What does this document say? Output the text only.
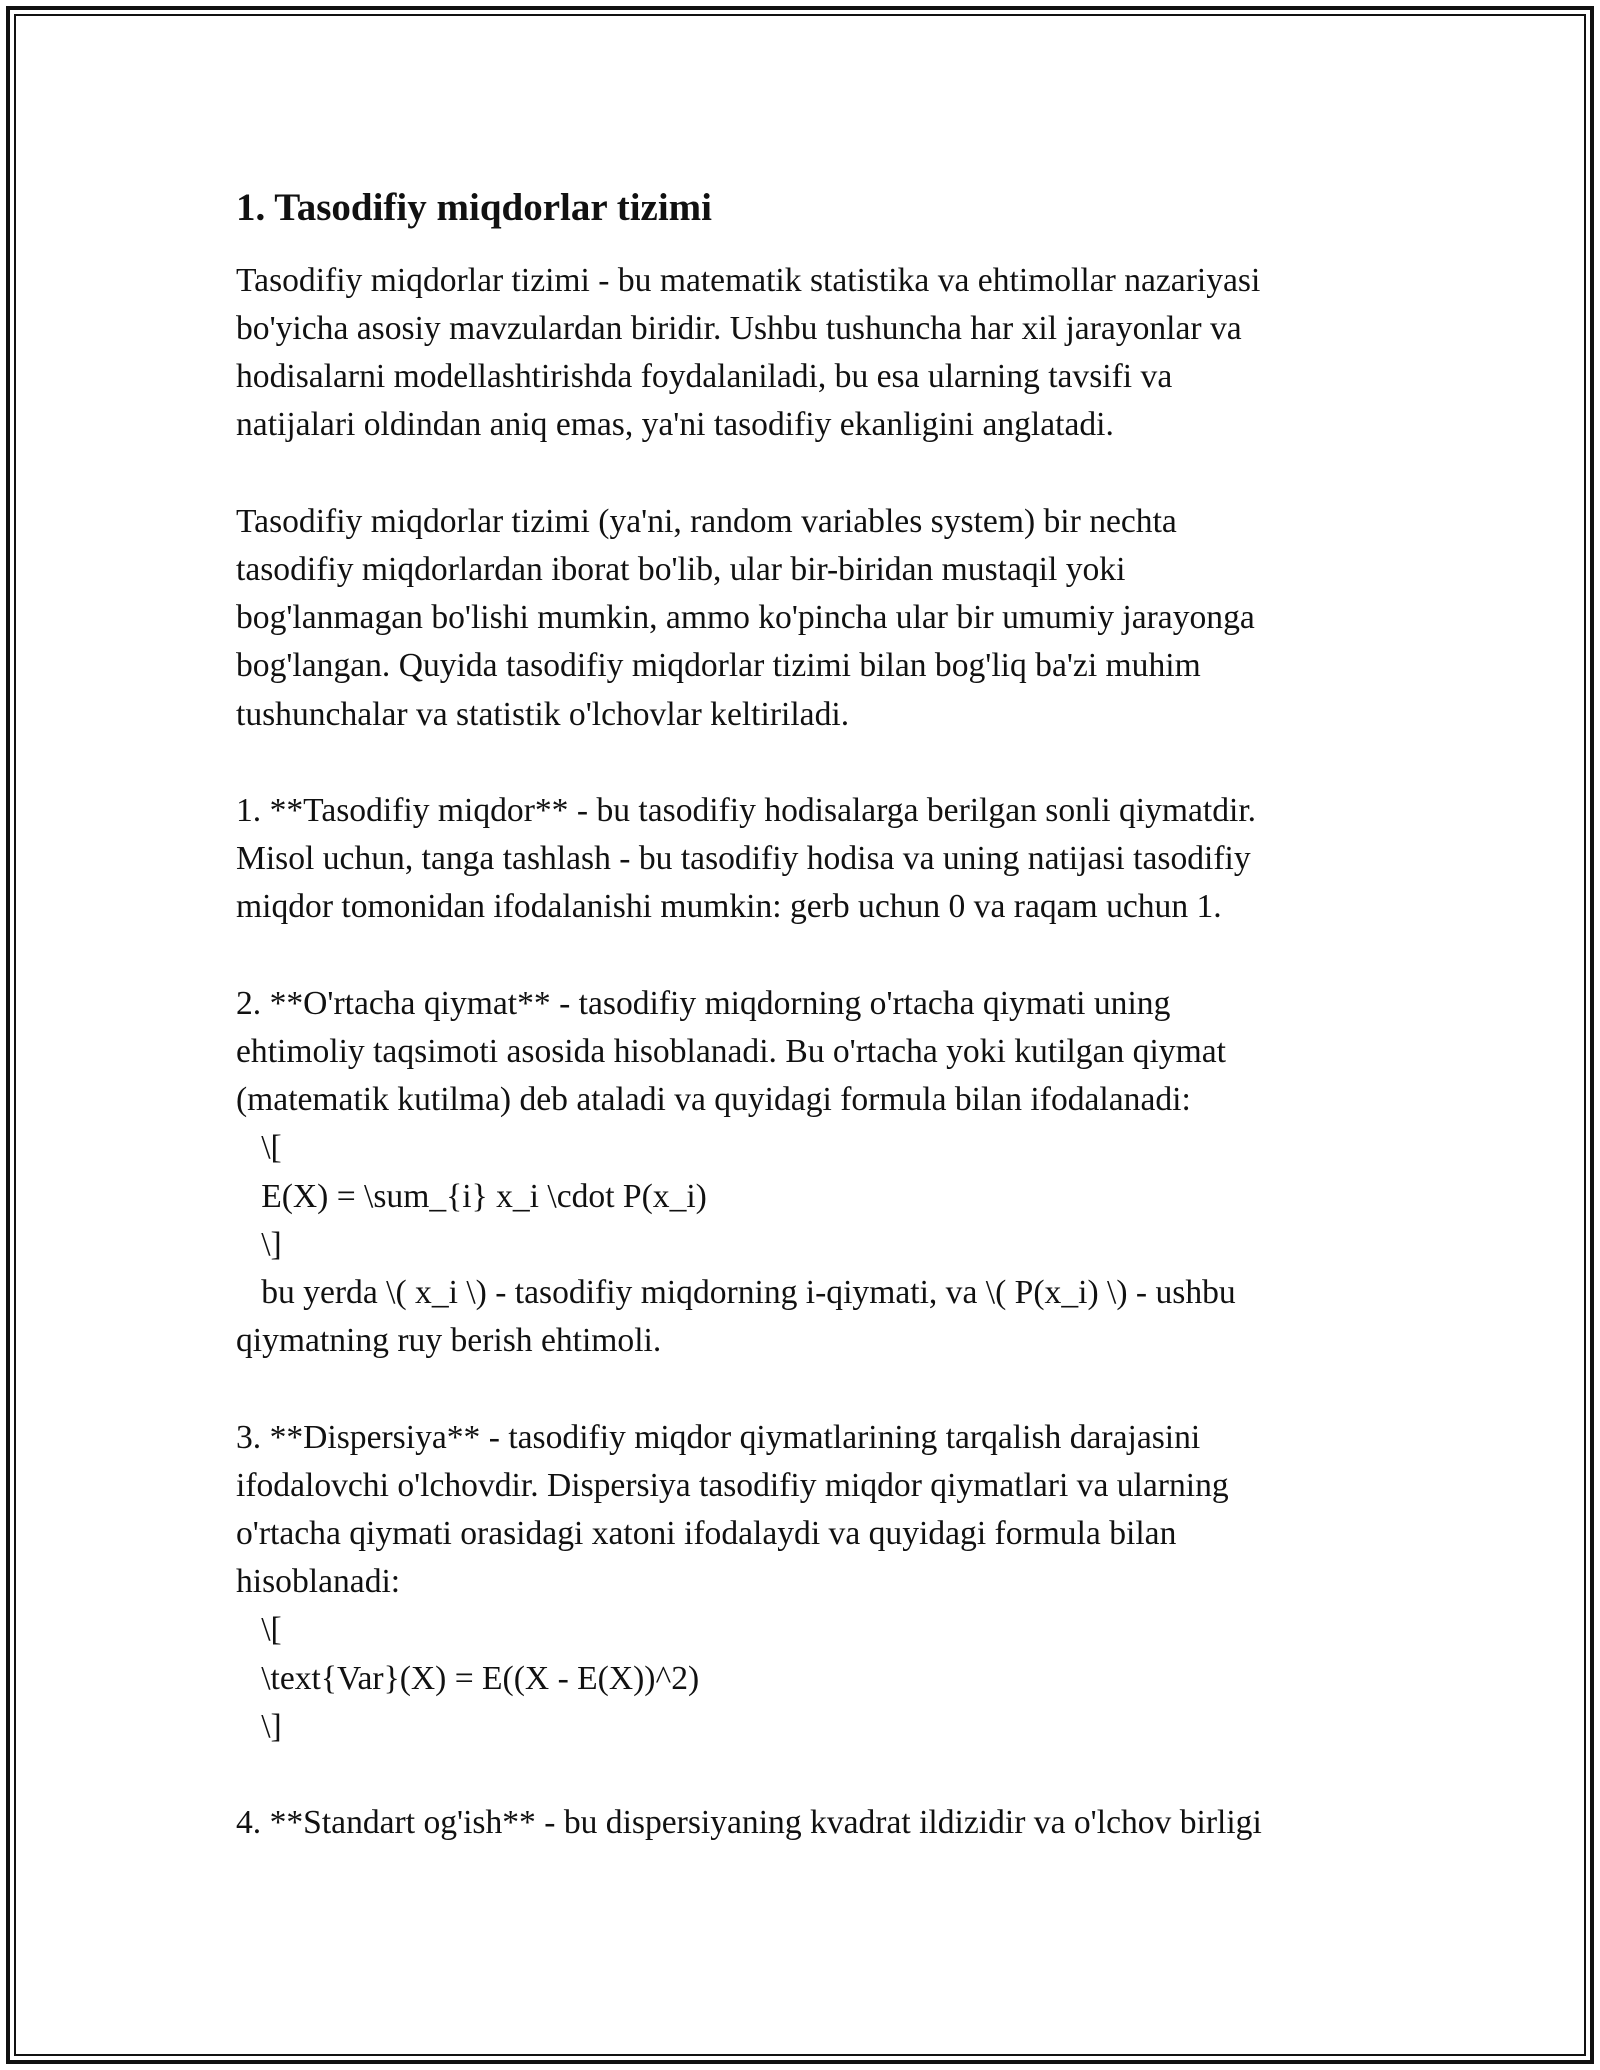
1. Tasodifiy miqdorlar tizimi

Tasodifiy miqdorlar tizimi - bu matematik statistika va ehtimollar nazariyasi
bo'yicha asosiy mavzulardan biridir. Ushbu tushuncha har xil jarayonlar va
hodisalarni modellashtirishda foydalaniladi, bu esa ularning tavsifi va
natijalari oldindan aniq emas, ya'ni tasodifiy ekanligini anglatadi.

Tasodifiy miqdorlar tizimi (ya'ni, random variables system) bir nechta
tasodifiy miqdorlardan iborat bo'lib, ular bir-biridan mustaqil yoki
bog'lanmagan bo'lishi mumkin, ammo ko'pincha ular bir umumiy jarayonga
bog'langan. Quyida tasodifiy miqdorlar tizimi bilan bog'liq ba'zi muhim
tushunchalar va statistik o'lchovlar keltiriladi.

1. **Tasodifiy miqdor** - bu tasodifiy hodisalarga berilgan sonli qiymatdir.
Misol uchun, tanga tashlash - bu tasodifiy hodisa va uning natijasi tasodifiy
miqdor tomonidan ifodalanishi mumkin: gerb uchun 0 va raqam uchun 1.

2. **O'rtacha qiymat** - tasodifiy miqdorning o'rtacha qiymati uning
ehtimoliy taqsimoti asosida hisoblanadi. Bu o'rtacha yoki kutilgan qiymat
(matematik kutilma) deb ataladi va quyidagi formula bilan ifodalanadi:
\[
E(X) = \sum_{i} x_i \cdot P(x_i)
\]
bu yerda \( x_i \) - tasodifiy miqdorning i-qiymati, va \( P(x_i) \) - ushbu
qiymatning ruy berish ehtimoli.

3. **Dispersiya** - tasodifiy miqdor qiymatlarining tarqalish darajasini
ifodalovchi o'lchovdir. Dispersiya tasodifiy miqdor qiymatlari va ularning
o'rtacha qiymati orasidagi xatoni ifodalaydi va quyidagi formula bilan
hisoblanadi:
\[
\text{Var}(X) = E((X - E(X))^2)
\]

4. **Standart og'ish** - bu dispersiyaning kvadrat ildizidir va o'lchov birligi
